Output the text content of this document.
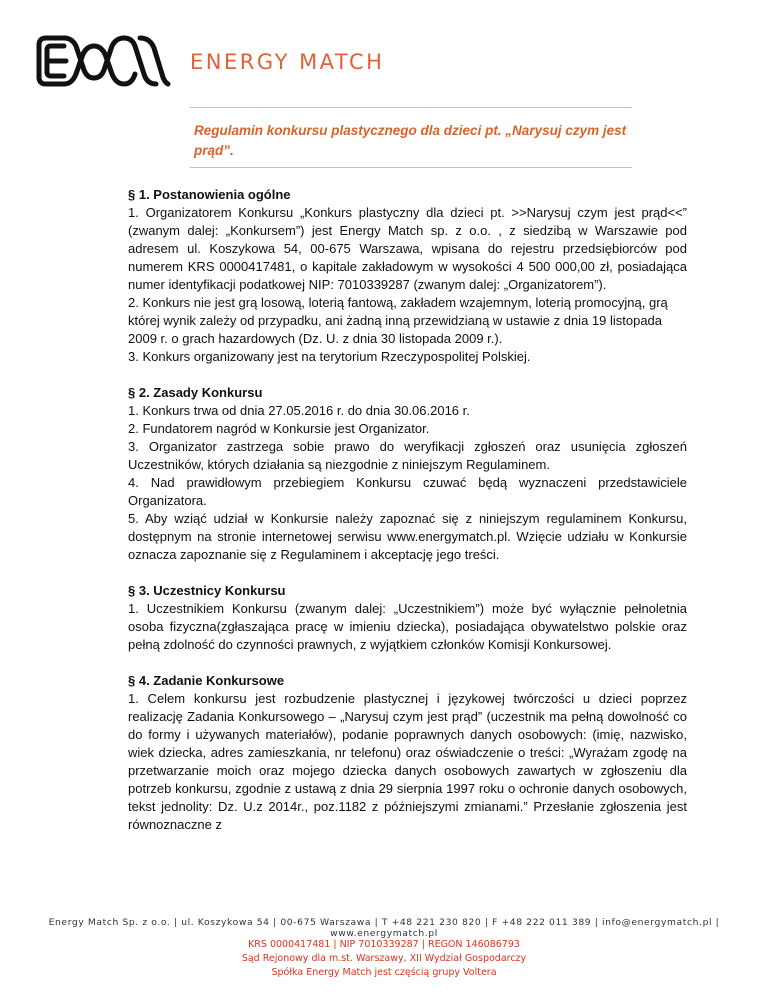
ENERGY MATCH
Regulamin konkursu plastycznego dla dzieci pt. „Narysuj czym jest prąd”.
§ 1. Postanowienia ogólne

1. Organizatorem Konkursu „Konkurs plastyczny dla dzieci pt. >>Narysuj czym jest prąd<<” (zwanym dalej: „Konkursem”) jest Energy Match sp. z o.o. , z siedzibą w Warszawie pod adresem ul. Koszykowa 54, 00-675 Warszawa, wpisana do rejestru przedsiębiorców pod numerem KRS 0000417481, o kapitale zakładowym w wysokości 4 500 000,00 zł, posiadająca numer identyfikacji podatkowej NIP: 7010339287 (zwanym dalej: „Organizatorem”).

2. Konkurs nie jest grą losową, loterią fantową, zakładem wzajemnym, loterią promocyjną, grą której wynik zależy od przypadku, ani żadną inną przewidzianą w ustawie z dnia 19 listopada 2009 r. o grach hazardowych (Dz. U. z dnia 30 listopada 2009 r.).

3. Konkurs organizowany jest na terytorium Rzeczypospolitej Polskiej.

§ 2. Zasady Konkursu

1. Konkurs trwa od dnia 27.05.2016 r. do dnia 30.06.2016 r.

2. Fundatorem nagród w Konkursie jest Organizator.

3. Organizator zastrzega sobie prawo do weryfikacji zgłoszeń oraz usunięcia zgłoszeń Uczestników, których działania są niezgodnie z niniejszym Regulaminem.

4. Nad prawidłowym przebiegiem Konkursu czuwać będą wyznaczeni przedstawiciele Organizatora.

5. Aby wziąć udział w Konkursie należy zapoznać się z niniejszym regulaminem Konkursu, dostępnym na stronie internetowej serwisu www.energymatch.pl. Wzięcie udziału w Konkursie oznacza zapoznanie się z Regulaminem i akceptację jego treści.

§ 3. Uczestnicy Konkursu

1. Uczestnikiem Konkursu (zwanym dalej: „Uczestnikiem”) może być wyłącznie pełnoletnia osoba fizyczna(zgłaszająca pracę w imieniu dziecka), posiadająca obywatelstwo polskie oraz pełną zdolność do czynności prawnych, z wyjątkiem członków Komisji Konkursowej.

§ 4. Zadanie Konkursowe

1. Celem konkursu jest rozbudzenie plastycznej i językowej twórczości u dzieci poprzez realizację Zadania Konkursowego – „Narysuj czym jest prąd” (uczestnik ma pełną dowolność co do formy i używanych materiałów), podanie poprawnych danych osobowych: (imię, nazwisko, wiek dziecka, adres zamieszkania, nr telefonu) oraz oświadczenie o treści: „Wyrażam zgodę na przetwarzanie moich oraz mojego dziecka danych osobowych zawartych w zgłoszeniu dla potrzeb konkursu, zgodnie z ustawą z dnia 29 sierpnia 1997 roku o ochronie danych osobowych, tekst jednolity: Dz. U.z 2014r., poz.1182 z późniejszymi zmianami.” Przesłanie zgłoszenia jest równoznaczne z

Energy Match Sp. z o.o. | ul. Koszykowa 54 | 00-675 Warszawa | T +48 221 230 820 | F +48 222 011 389 | info@energymatch.pl | www.energymatch.pl
KRS 0000417481 | NIP 7010339287 | REGON 146086793
Sąd Rejonowy dla m.st. Warszawy, XII Wydział Gospodarczy
Spółka Energy Match jest częścią grupy Voltera
